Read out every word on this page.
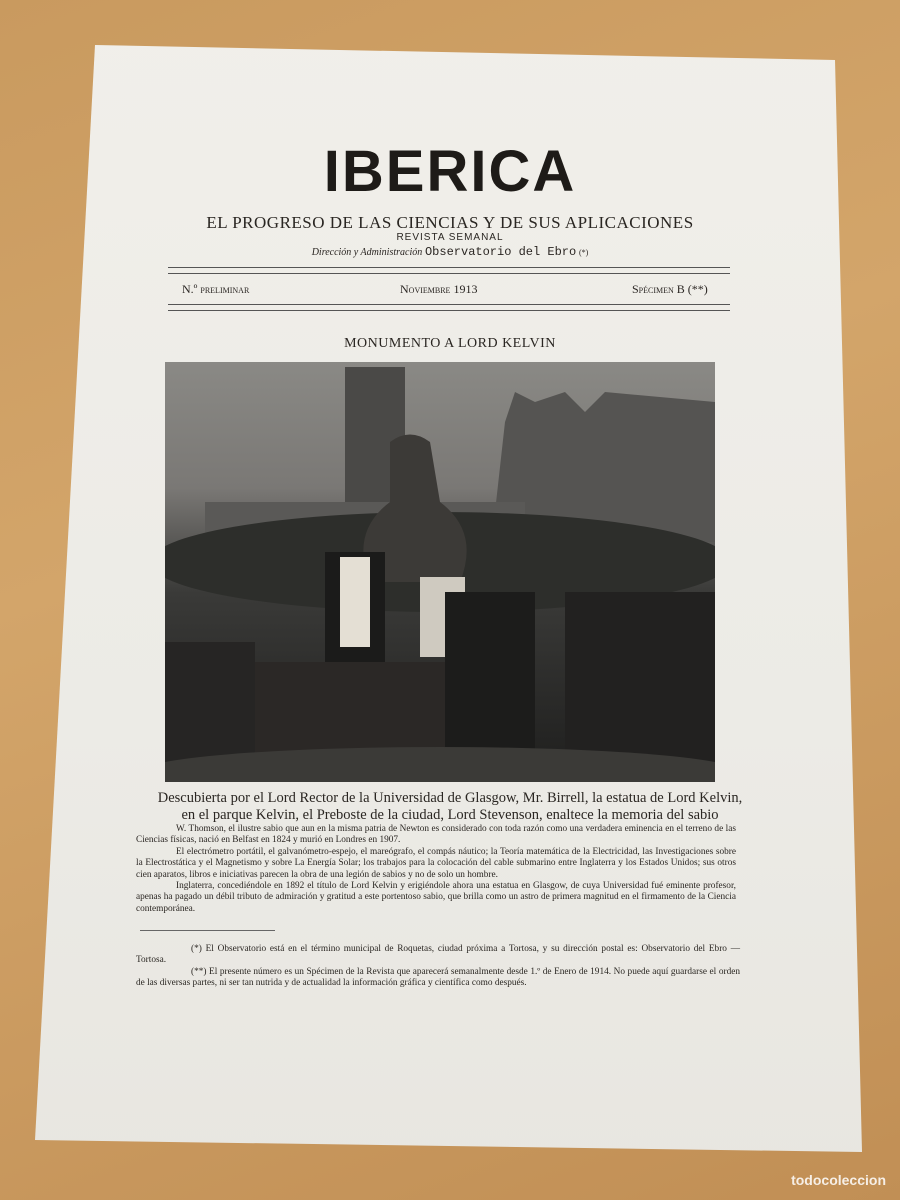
IBERICA
EL PROGRESO DE LAS CIENCIAS Y DE SUS APLICACIONES
REVISTA SEMANAL
Dirección y Administración Observatorio del Ebro (*)
N.º preliminar	Noviembre 1913	Spécimen B (**)
MONUMENTO A LORD KELVIN
Descubierta por el Lord Rector de la Universidad de Glasgow, Mr. Birrell, la estatua de Lord Kelvin,
en el parque Kelvin, el Preboste de la ciudad, Lord Stevenson, enaltece la memoria del sabio

W. Thomson, el ilustre sabio que aun en la misma patria de Newton es considerado con toda razón como una verdadera eminencia en el terreno de las Ciencias físicas, nació en Belfast en 1824 y murió en Londres en 1907.

El electrómetro portátil, el galvanómetro-espejo, el mareógrafo, el compás náutico; la Teoría matemática de la Electricidad, las Investigaciones sobre la Electrostática y el Magnetismo y sobre La Energía Solar; los trabajos para la colocación del cable submarino entre Inglaterra y los Estados Unidos; sus otros cien aparatos, libros e iniciativas parecen la obra de una legión de sabios y no de solo un hombre.

Inglaterra, concediéndole en 1892 el título de Lord Kelvin y erigiéndole ahora una estatua en Glasgow, de cuya Universidad fué eminente profesor, apenas ha pagado un débil tributo de admiración y gratitud a este portentoso sabio, que brilla como un astro de primera magnitud en el firmamento de la Ciencia contemporánea.

(*) El Observatorio está en el término municipal de Roquetas, ciudad próxima a Tortosa, y su dirección postal es: Observatorio del Ebro — Tortosa.

(**) El presente número es un Spécimen de la Revista que aparecerá semanalmente desde 1.º de Enero de 1914. No puede aquí guardarse el orden de las diversas partes, ni ser tan nutrida y de actualidad la información gráfica y científica como después.

todocoleccion
